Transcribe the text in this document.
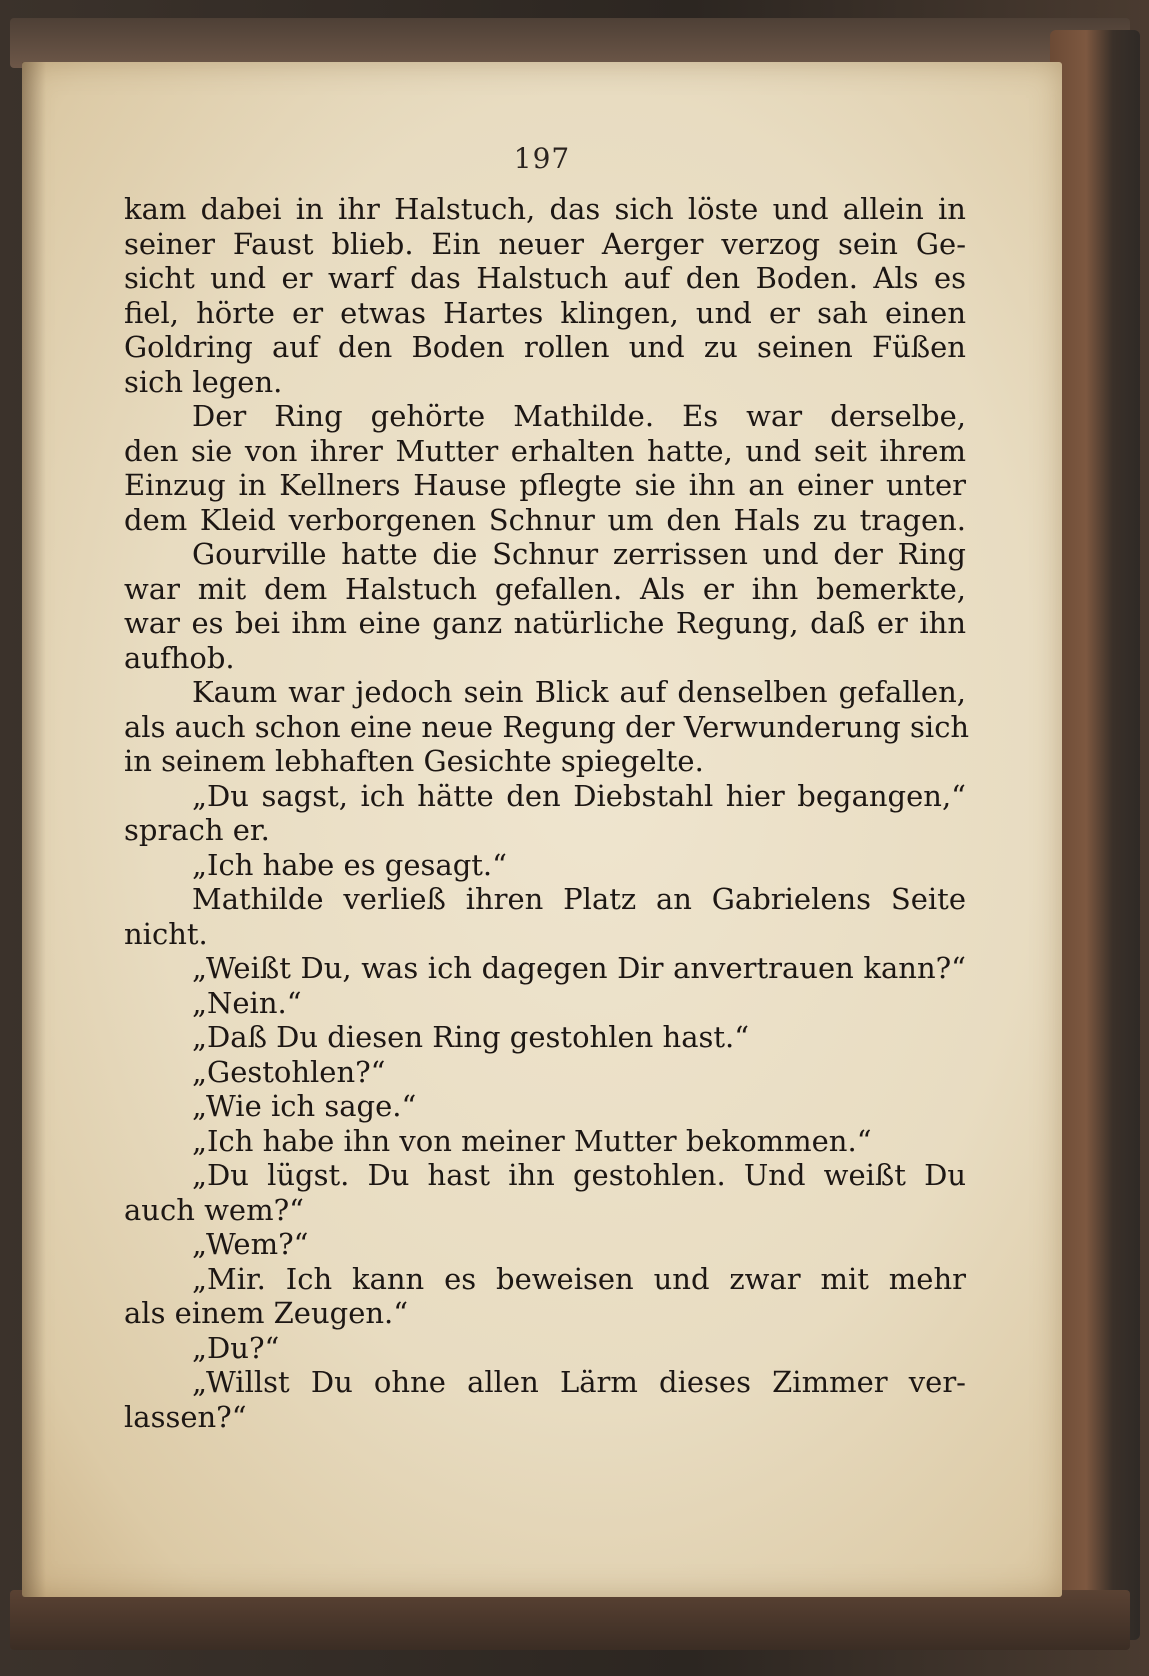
197
kam dabei in ihr Halstuch, das sich löste und allein in
seiner Faust blieb. Ein neuer Aerger verzog sein Ge-
sicht und er warf das Halstuch auf den Boden. Als es
fiel, hörte er etwas Hartes klingen, und er sah einen
Goldring auf den Boden rollen und zu seinen Füßen
sich legen.
Der Ring gehörte Mathilde. Es war derselbe,
den sie von ihrer Mutter erhalten hatte, und seit ihrem
Einzug in Kellners Hause pflegte sie ihn an einer unter
dem Kleid verborgenen Schnur um den Hals zu tragen.
Gourville hatte die Schnur zerrissen und der Ring
war mit dem Halstuch gefallen. Als er ihn bemerkte,
war es bei ihm eine ganz natürliche Regung, daß er ihn
aufhob.
Kaum war jedoch sein Blick auf denselben gefallen,
als auch schon eine neue Regung der Verwunderung sich
in seinem lebhaften Gesichte spiegelte.
„Du sagst, ich hätte den Diebstahl hier begangen,“
sprach er.
„Ich habe es gesagt.“
Mathilde verließ ihren Platz an Gabrielens Seite
nicht.
„Weißt Du, was ich dagegen Dir anvertrauen kann?“
„Nein.“
„Daß Du diesen Ring gestohlen hast.“
„Gestohlen?“
„Wie ich sage.“
„Ich habe ihn von meiner Mutter bekommen.“
„Du lügst. Du hast ihn gestohlen. Und weißt Du
auch wem?“
„Wem?“
„Mir. Ich kann es beweisen und zwar mit mehr
als einem Zeugen.“
„Du?“
„Willst Du ohne allen Lärm dieses Zimmer ver-
lassen?“
